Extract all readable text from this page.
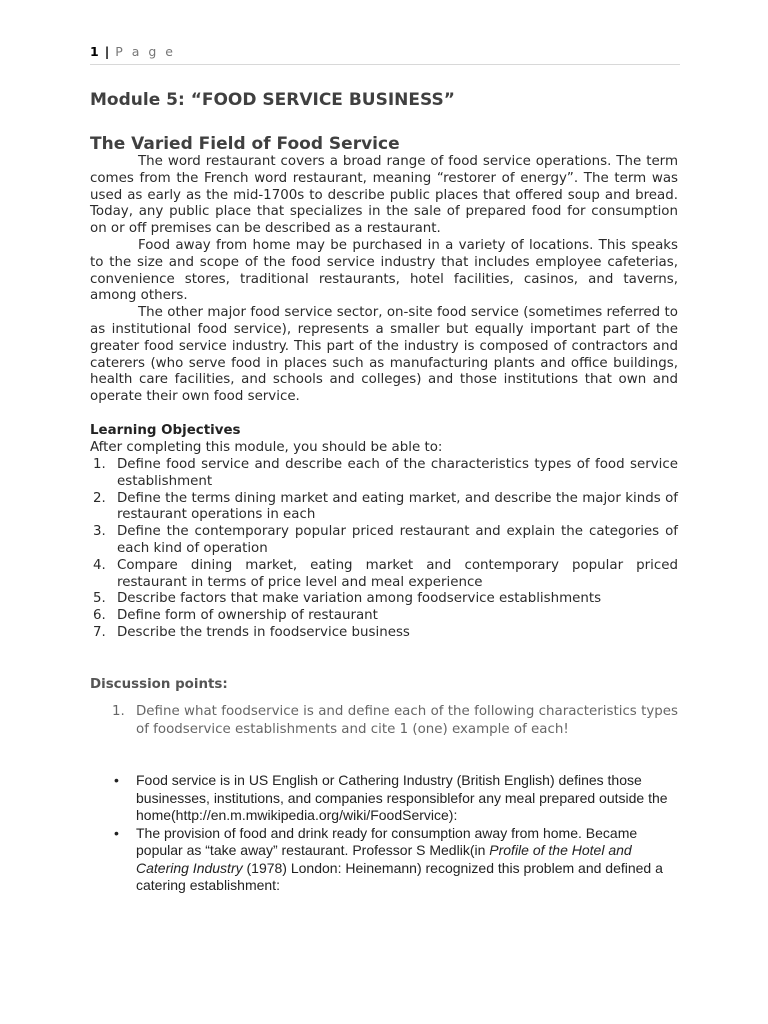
1 | P a g e
Module 5: “FOOD SERVICE BUSINESS”
The Varied Field of Food Service

The word restaurant covers a broad range of food service operations. The term comes from the French word restaurant, meaning “restorer of energy”. The term was used as early as the mid-1700s to describe public places that offered soup and bread. Today, any public place that specializes in the sale of prepared food for consumption on or off premises can be described as a restaurant.

Food away from home may be purchased in a variety of locations. This speaks to the size and scope of the food service industry that includes employee cafeterias, convenience stores, traditional restaurants, hotel facilities, casinos, and taverns, among others.

The other major food service sector, on-site food service (sometimes referred to as institutional food service), represents a smaller but equally important part of the greater food service industry. This part of the industry is composed of contractors and caterers (who serve food in places such as manufacturing plants and office buildings, health care facilities, and schools and colleges) and those institutions that own and operate their own food service.

Learning Objectives
After completing this module, you should be able to:
1. Define food service and describe each of the characteristics types of food service establishment
2. Define the terms dining market and eating market, and describe the major kinds of restaurant operations in each
3. Define the contemporary popular priced restaurant and explain the categories of each kind of operation
4. Compare dining market, eating market and contemporary popular priced restaurant in terms of price level and meal experience
5. Describe factors that make variation among foodservice establishments
6. Define form of ownership of restaurant
7. Describe the trends in foodservice business
Discussion points:
1. Define what foodservice is and define each of the following characteristics types of foodservice establishments and cite 1 (one) example of each!
• Food service is in US English or Cathering Industry (British English) defines those businesses, institutions, and companies responsiblefor any meal prepared outside the home(http://en.m.mwikipedia.org/wiki/FoodService):
• The provision of food and drink ready for consumption away from home. Became popular as “take away” restaurant. Professor S Medlik(in Profile of the Hotel and Catering Industry (1978) London: Heinemann) recognized this problem and defined a catering establishment:
